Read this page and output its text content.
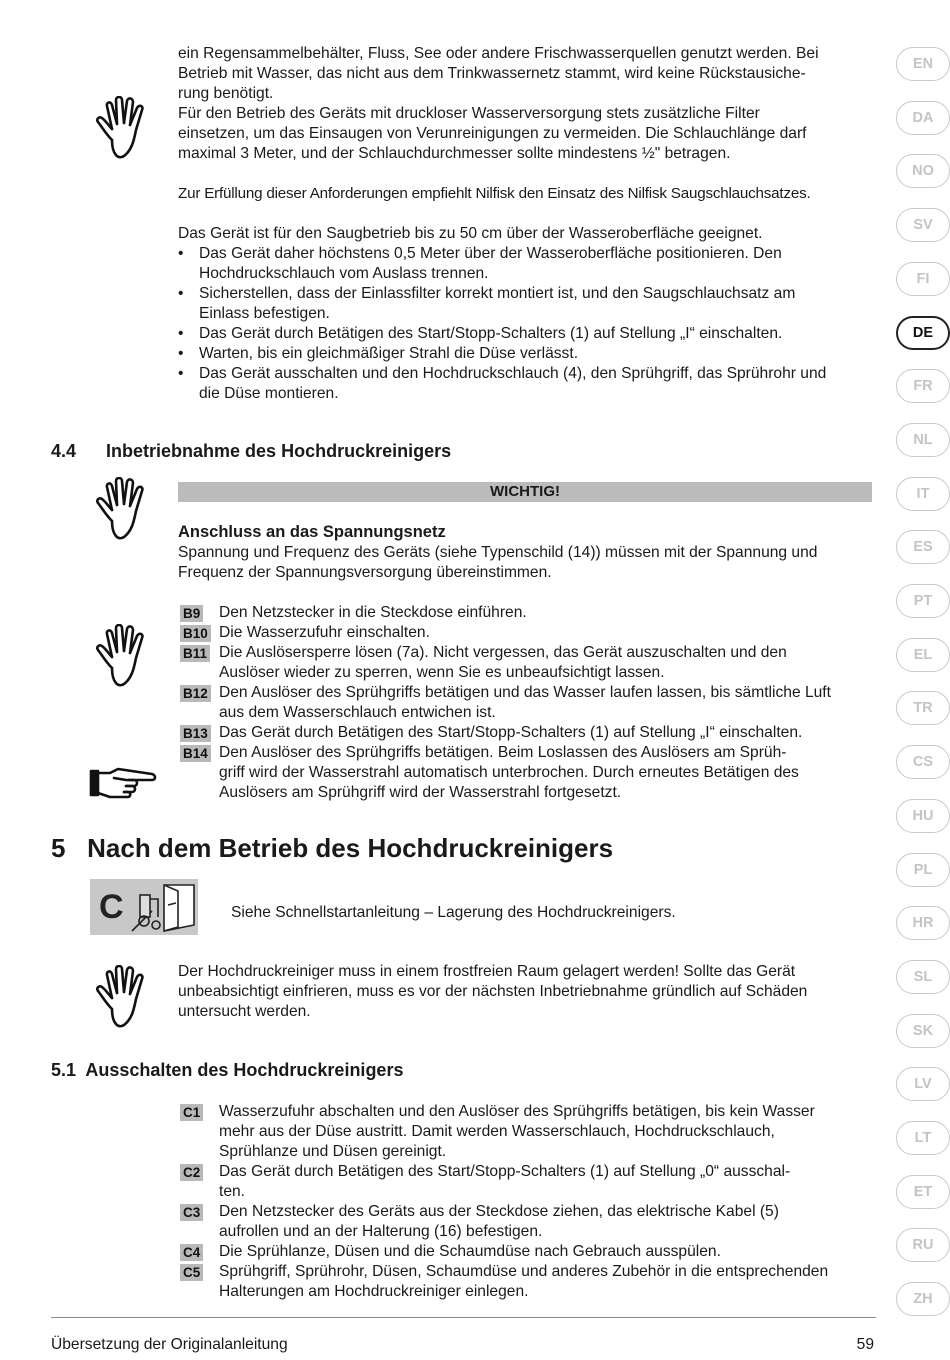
ein Regensammelbehälter, Fluss, See oder andere Frischwasserquellen genutzt werden. Bei
Betrieb mit Wasser, das nicht aus dem Trinkwassernetz stammt, wird keine Rückstausiche-
rung benötigt.
Für den Betrieb des Geräts mit druckloser Wasserversorgung stets zusätzliche Filter
einsetzen, um das Einsaugen von Verunreinigungen zu vermeiden. Die Schlauchlänge darf
maximal 3 Meter, und der Schlauchdurchmesser sollte mindestens ½" betragen.
Zur Erfüllung dieser Anforderungen empfiehlt Nilfisk den Einsatz des Nilfisk Saugschlauchsatzes.
Das Gerät ist für den Saugbetrieb bis zu 50 cm über der Wasseroberfläche geeignet.
• Das Gerät daher höchstens 0,5 Meter über der Wasseroberfläche positionieren. Den
Hochdruckschlauch vom Auslass trennen.
• Sicherstellen, dass der Einlassfilter korrekt montiert ist, und den Saugschlauchsatz am
Einlass befestigen.
• Das Gerät durch Betätigen des Start/Stopp-Schalters (1) auf Stellung „I“ einschalten.
• Warten, bis ein gleichmäßiger Strahl die Düse verlässt.
• Das Gerät ausschalten und den Hochdruckschlauch (4), den Sprühgriff, das Sprührohr und
die Düse montieren.
4.4      Inbetriebnahme des Hochdruckreinigers
WICHTIG!
Anschluss an das Spannungsnetz
Spannung und Frequenz des Geräts (siehe Typenschild (14)) müssen mit der Spannung und
Frequenz der Spannungsversorgung übereinstimmen.
B9	Den Netzstecker in die Steckdose einführen.
B10 Die Wasserzufuhr einschalten.
B11 Die Auslösersperre lösen (7a). Nicht vergessen, das Gerät auszuschalten und den
Auslöser wieder zu sperren, wenn Sie es unbeaufsichtigt lassen.
B12 Den Auslöser des Sprühgriffs betätigen und das Wasser laufen lassen, bis sämtliche Luft
aus dem Wasserschlauch entwichen ist.
B13 Das Gerät durch Betätigen des Start/Stopp-Schalters (1) auf Stellung „I“ einschalten.
B14 Den Auslöser des Sprühgriffs betätigen. Beim Loslassen des Auslösers am Sprüh-
griff wird der Wasserstrahl automatisch unterbrochen. Durch erneutes Betätigen des
Auslösers am Sprühgriff wird der Wasserstrahl fortgesetzt.
5   Nach dem Betrieb des Hochdruckreinigers
C	Siehe Schnellstartanleitung – Lagerung des Hochdruckreinigers.
Der Hochdruckreiniger muss in einem frostfreien Raum gelagert werden! Sollte das Gerät
unbeabsichtigt einfrieren, muss es vor der nächsten Inbetriebnahme gründlich auf Schäden
untersucht werden.
5.1  Ausschalten des Hochdruckreinigers
C1	Wasserzufuhr abschalten und den Auslöser des Sprühgriffs betätigen, bis kein Wasser
mehr aus der Düse austritt. Damit werden Wasserschlauch, Hochdruckschlauch,
Sprühlanze und Düsen gereinigt.
C2	Das Gerät durch Betätigen des Start/Stopp-Schalters (1) auf Stellung „0“ ausschal-
ten.
C3	Den Netzstecker des Geräts aus der Steckdose ziehen, das elektrische Kabel (5)
aufrollen und an der Halterung (16) befestigen.
C4	Die Sprühlanze, Düsen und die Schaumdüse nach Gebrauch ausspülen.
C5	Sprühgriff, Sprührohr, Düsen, Schaumdüse und anderes Zubehör in die entsprechenden
Halterungen am Hochdruckreiniger einlegen.
Übersetzung der Originalanleitung	59
EN
DA
NO
SV
FI
DE
FR
NL
IT
ES
PT
EL
TR
CS
HU
PL
HR
SL
SK
LV
LT
ET
RU
ZH
